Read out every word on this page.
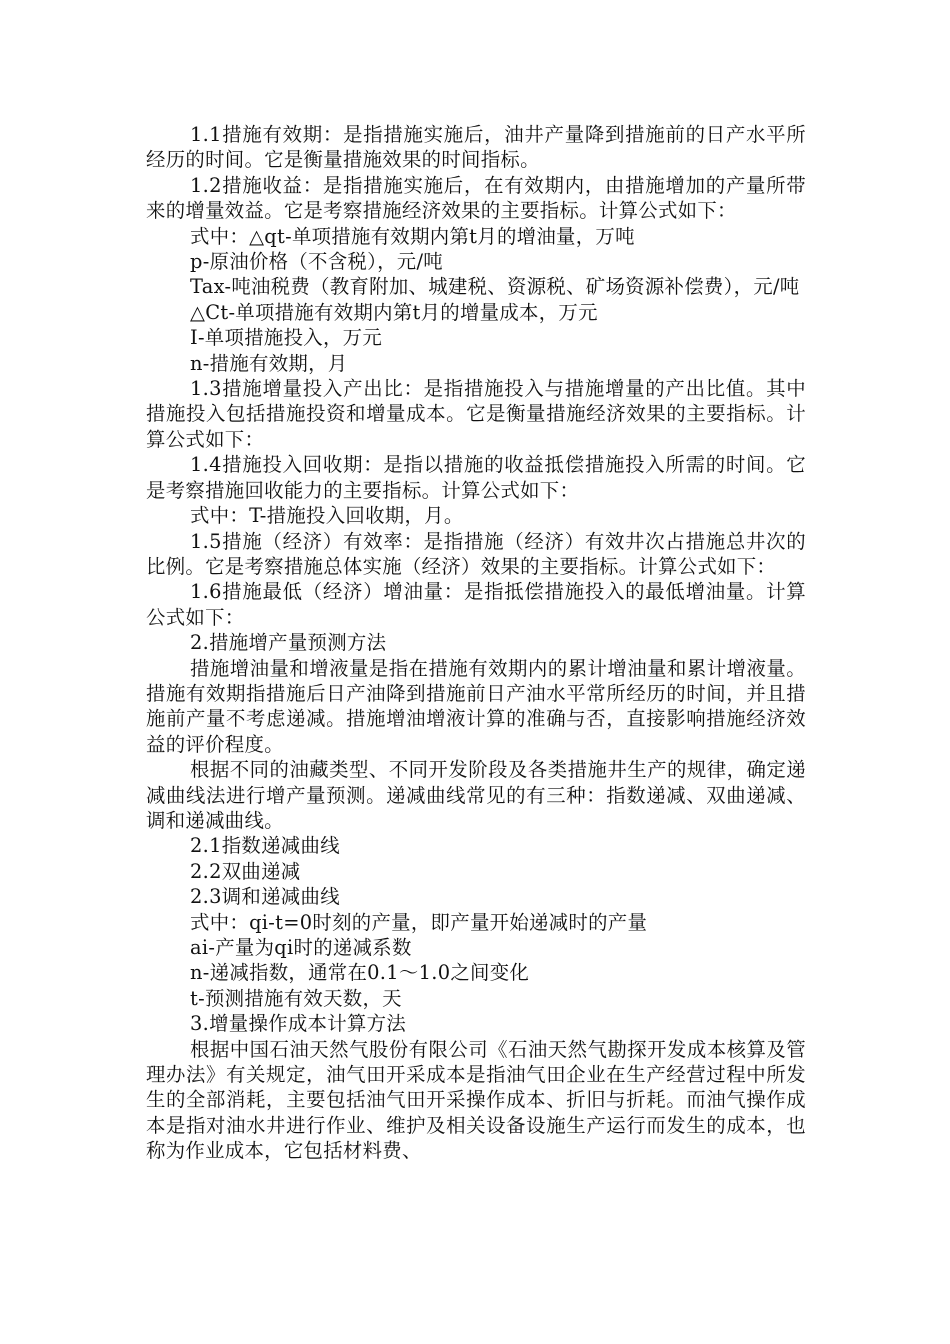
1.1措施有效期：是指措施实施后，油井产量降到措施前的日产水平所经历的时间。它是衡量措施效果的时间指标。

1.2措施收益：是指措施实施后，在有效期内，由措施增加的产量所带来的增量效益。它是考察措施经济效果的主要指标。计算公式如下：

式中：△qt-单项措施有效期内第t月的增油量，万吨

p-原油价格（不含税），元/吨

Tax-吨油税费（教育附加、城建税、资源税、矿场资源补偿费），元/吨

△Ct-单项措施有效期内第t月的增量成本，万元

I-单项措施投入，万元

n-措施有效期，月

1.3措施增量投入产出比：是指措施投入与措施增量的产出比值。其中措施投入包括措施投资和增量成本。它是衡量措施经济效果的主要指标。计算公式如下：

1.4措施投入回收期：是指以措施的收益抵偿措施投入所需的时间。它是考察措施回收能力的主要指标。计算公式如下：

式中：T-措施投入回收期，月。

1.5措施（经济）有效率：是指措施（经济）有效井次占措施总井次的比例。它是考察措施总体实施（经济）效果的主要指标。计算公式如下：

1.6措施最低（经济）增油量：是指抵偿措施投入的最低增油量。计算公式如下：

2.措施增产量预测方法

措施增油量和增液量是指在措施有效期内的累计增油量和累计增液量。措施有效期指措施后日产油降到措施前日产油水平常所经历的时间，并且措施前产量不考虑递减。措施增油增液计算的准确与否，直接影响措施经济效益的评价程度。

根据不同的油藏类型、不同开发阶段及各类措施井生产的规律，确定递减曲线法进行增产量预测。递减曲线常见的有三种：指数递减、双曲递减、调和递减曲线。

2.1指数递减曲线

2.2双曲递减

2.3调和递减曲线

式中：qi-t=0时刻的产量，即产量开始递减时的产量

ai-产量为qi时的递减系数

n-递减指数，通常在0.1～1.0之间变化

t-预测措施有效天数，天

3.增量操作成本计算方法

根据中国石油天然气股份有限公司《石油天然气勘探开发成本核算及管理办法》有关规定，油气田开采成本是指油气田企业在生产经营过程中所发生的全部消耗，主要包括油气田开采操作成本、折旧与折耗。而油气操作成本是指对油水井进行作业、维护及相关设备设施生产运行而发生的成本，也称为作业成本，它包括材料费、
